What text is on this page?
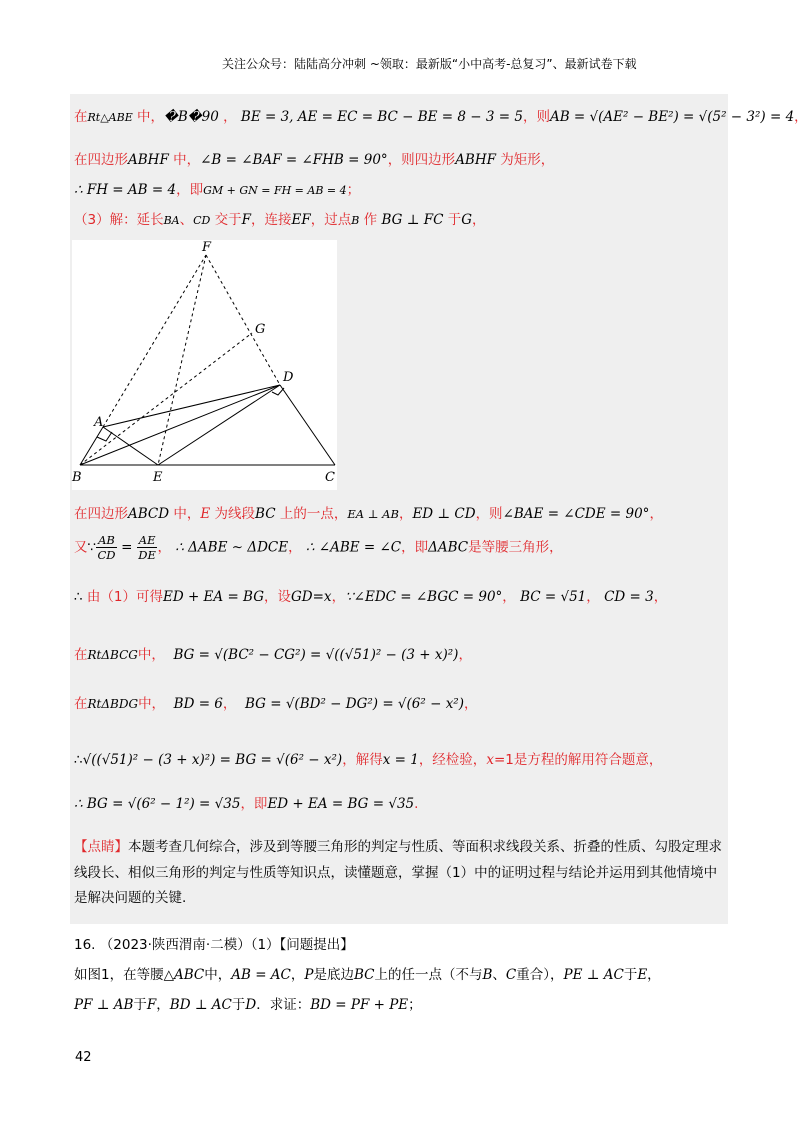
关注公众号：陆陆高分冲刺 ~领取：最新版“小中高考-总复习”、最新试卷下载
在Rt△ABE 中，�B�90 ， BE = 3, AE = EC = BC − BE = 8 − 3 = 5，则AB = √(AE² − BE²) = √(5² − 3²) = 4，
在四边形ABHF 中，∠B = ∠BAF = ∠FHB = 90°，则四边形ABHF 为矩形，
∴ FH = AB = 4，即GM + GN = FH = AB = 4；
（3）解：延长BA、CD 交于F，连接EF，过点B 作 BG ⊥ FC 于G，
F
G
D
A
B	E	C
在四边形ABCD 中，E 为线段BC 上的一点，EA ⊥ AB，ED ⊥ CD，则∠BAE = ∠CDE = 90°，
又∵ $\frac{AB}{CD} = \frac{AE}{DE}$ ， ∴ ΔABE ∼ ΔDCE， ∴ ∠ABE = ∠C，即ΔABC是等腰三角形，
∴ 由（1）可得ED + EA = BG，设GD=x，∵∠EDC = ∠BGC = 90°， BC = √51， CD = 3，
在RtΔBCG中， BG = √(BC² − CG²) = √((√51)² − (3 + x)²)，
在RtΔBDG中， BD = 6， BG = √(BD² − DG²) = √(6² − x²)，
∴√((√51)² − (3 + x)²) = BG = √(6² − x²)，解得x = 1，经检验，x=1是方程的解用符合题意，
∴ BG = √(6² − 1²) = √35，即ED + EA = BG = √35.
【点睛】本题考查几何综合，涉及到等腰三角形的判定与性质、等面积求线段关系、折叠的性质、勾股定理求线段长、相似三角形的判定与性质等知识点，读懂题意，掌握（1）中的证明过程与结论并运用到其他情境中是解决问题的关键.
16. （2023·陕西渭南·二模）（1）【问题提出】
如图1，在等腰△ABC中，AB = AC，P是底边BC上的任一点（不与B、C重合），PE ⊥ AC于E，
PF ⊥ AB于F，BD ⊥ AC于D．求证：BD = PF + PE；
42
